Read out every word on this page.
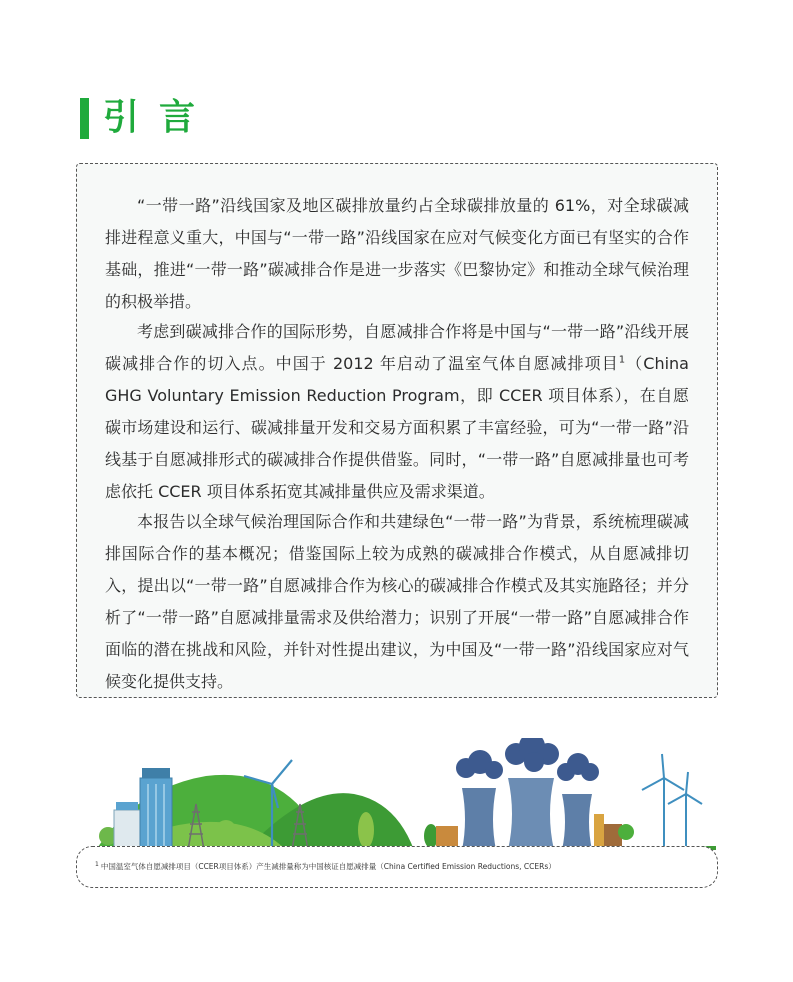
引言

“一带一路”沿线国家及地区碳排放量约占全球碳排放量的 61%，对全球碳减排进程意义重大，中国与“一带一路”沿线国家在应对气候变化方面已有坚实的合作基础，推进“一带一路”碳减排合作是进一步落实《巴黎协定》和推动全球气候治理的积极举措。

考虑到碳减排合作的国际形势，自愿减排合作将是中国与“一带一路”沿线开展碳减排合作的切入点。中国于 2012 年启动了温室气体自愿减排项目$^1$（China GHG Voluntary Emission Reduction Program，即 CCER 项目体系），在自愿碳市场建设和运行、碳减排量开发和交易方面积累了丰富经验，可为“一带一路”沿线基于自愿减排形式的碳减排合作提供借鉴。同时，“一带一路”自愿减排量也可考虑依托 CCER 项目体系拓宽其减排量供应及需求渠道。

本报告以全球气候治理国际合作和共建绿色“一带一路”为背景，系统梳理碳减排国际合作的基本概况；借鉴国际上较为成熟的碳减排合作模式，从自愿减排切入，提出以“一带一路”自愿减排合作为核心的碳减排合作模式及其实施路径；并分析了“一带一路”自愿减排量需求及供给潜力；识别了开展“一带一路”自愿减排合作面临的潜在挑战和风险，并针对性提出建议，为中国及“一带一路”沿线国家应对气候变化提供支持。

$^1$ 中国温室气体自愿减排项目（CCER项目体系）产生减排量称为中国核证自愿减排量（China Certified Emission Reductions, CCERs）
